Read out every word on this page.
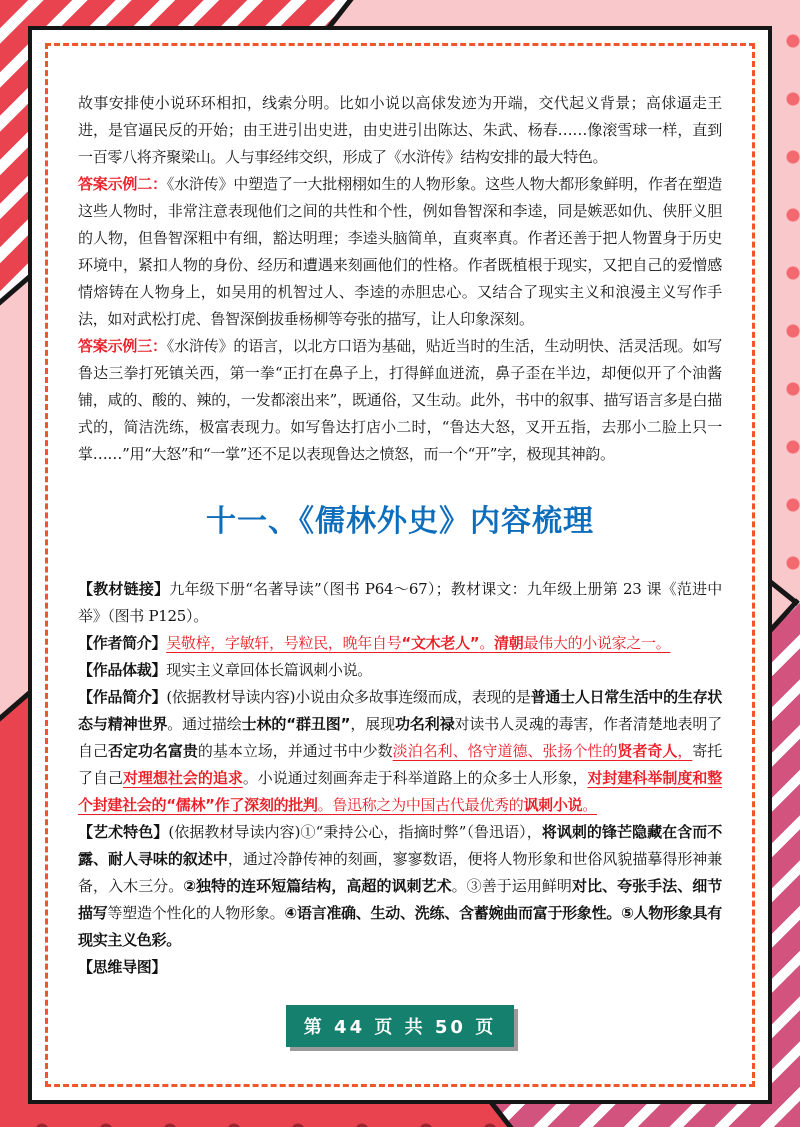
故事安排使小说环环相扣，线索分明。比如小说以高俅发迹为开端，交代起义背景；高俅逼走王进，是官逼民反的开始；由王进引出史进，由史进引出陈达、朱武、杨春……像滚雪球一样，直到一百零八将齐聚梁山。人与事经纬交织，形成了《水浒传》结构安排的最大特色。

答案示例二：《水浒传》中塑造了一大批栩栩如生的人物形象。这些人物大都形象鲜明，作者在塑造这些人物时，非常注意表现他们之间的共性和个性，例如鲁智深和李逵，同是嫉恶如仇、侠肝义胆的人物，但鲁智深粗中有细，豁达明理；李逵头脑简单，直爽率真。作者还善于把人物置身于历史环境中，紧扣人物的身份、经历和遭遇来刻画他们的性格。作者既植根于现实，又把自己的爱憎感情熔铸在人物身上，如吴用的机智过人、李逵的赤胆忠心。又结合了现实主义和浪漫主义写作手法，如对武松打虎、鲁智深倒拔垂杨柳等夸张的描写，让人印象深刻。

答案示例三：《水浒传》的语言，以北方口语为基础，贴近当时的生活，生动明快、活灵活现。如写鲁达三拳打死镇关西，第一拳“正打在鼻子上，打得鲜血迸流，鼻子歪在半边，却便似开了个油酱铺，咸的、酸的、辣的，一发都滚出来”，既通俗，又生动。此外，书中的叙事、描写语言多是白描式的，简洁洗练，极富表现力。如写鲁达打店小二时，“鲁达大怒，叉开五指，去那小二脸上只一掌……”用“大怒”和“一掌”还不足以表现鲁达之愤怒，而一个“开”字，极现其神韵。

十一、《儒林外史》内容梳理

【教材链接】九年级下册“名著导读”（图书 P64～67）；教材课文：九年级上册第 23 课《范进中举》（图书 P125）。

【作者简介】吴敬梓，字敏轩，号粒民，晚年自号“文木老人”。清朝最伟大的小说家之一。

【作品体裁】现实主义章回体长篇讽刺小说。

【作品简介】(依据教材导读内容)小说由众多故事连缀而成，表现的是普通士人日常生活中的生存状态与精神世界。通过描绘士林的“群丑图”，展现功名利禄对读书人灵魂的毒害，作者清楚地表明了自己否定功名富贵的基本立场，并通过书中少数淡泊名利、恪守道德、张扬个性的贤者奇人，寄托了自己对理想社会的追求。小说通过刻画奔走于科举道路上的众多士人形象，对封建科举制度和整个封建社会的“儒林”作了深刻的批判。鲁迅称之为中国古代最优秀的讽刺小说。

【艺术特色】(依据教材导读内容)①“秉持公心，指摘时弊”（鲁迅语），将讽刺的锋芒隐藏在含而不露、耐人寻味的叙述中，通过冷静传神的刻画，寥寥数语，便将人物形象和世俗风貌描摹得形神兼备，入木三分。②独特的连环短篇结构，高超的讽刺艺术。③善于运用鲜明对比、夸张手法、细节描写等塑造个性化的人物形象。④语言准确、生动、洗练、含蓄婉曲而富于形象性。⑤人物形象具有现实主义色彩。

【思维导图】

第 44 页 共 50 页
